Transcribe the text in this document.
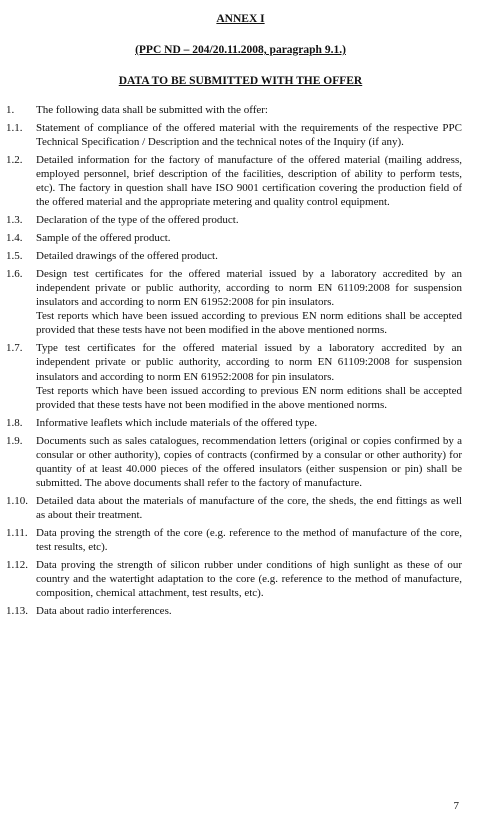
ANNEX I
(PPC ND – 204/20.11.2008, paragraph 9.1.)
DATA TO BE SUBMITTED WITH THE OFFER
1.	The following data shall be submitted with the offer:
1.1.	Statement of compliance of the offered material with the requirements of the respective PPC Technical Specification / Description and the technical notes of the Inquiry (if any).
1.2.	Detailed information for the factory of manufacture of the offered material (mailing address, employed personnel, brief description of the facilities, description of ability to perform tests, etc). The factory in question shall have ISO 9001 certification covering the production field of the offered material and the appropriate metering and quality control equipment.
1.3.	Declaration of the type of the offered product.
1.4.	Sample of the offered product.
1.5.	Detailed drawings of the offered product.
1.6.	Design test certificates for the offered material issued by a laboratory accredited by an independent private or public authority, according to norm EN 61109:2008 for suspension insulators and according to norm EN 61952:2008 for pin insulators.
Test reports which have been issued according to previous EN norm editions shall be accepted provided that these tests have not been modified in the above mentioned norms.
1.7.	Type test certificates for the offered material issued by a laboratory accredited by an independent private or public authority, according to norm EN 61109:2008 for suspension insulators and according to norm EN 61952:2008 for pin insulators.
Test reports which have been issued according to previous EN norm editions shall be accepted provided that these tests have not been modified in the above mentioned norms.
1.8.	Informative leaflets which include materials of the offered type.
1.9.	Documents such as sales catalogues, recommendation letters (original or copies confirmed by a consular or other authority), copies of contracts (confirmed by a consular or other authority) for quantity of at least 40.000 pieces of the offered insulators (either suspension or pin) shall be submitted. The above documents shall refer to the factory of manufacture.
1.10. Detailed data about the materials of manufacture of the core, the sheds, the end fittings as well as about their treatment.
1.11. Data proving the strength of the core (e.g. reference to the method of manufacture of the core, test results, etc).
1.12. Data proving the strength of silicon rubber under conditions of high sunlight as these of our country and the watertight adaptation to the core (e.g. reference to the method of manufacture, composition, chemical attachment, test results, etc).
1.13. Data about radio interferences.
7
